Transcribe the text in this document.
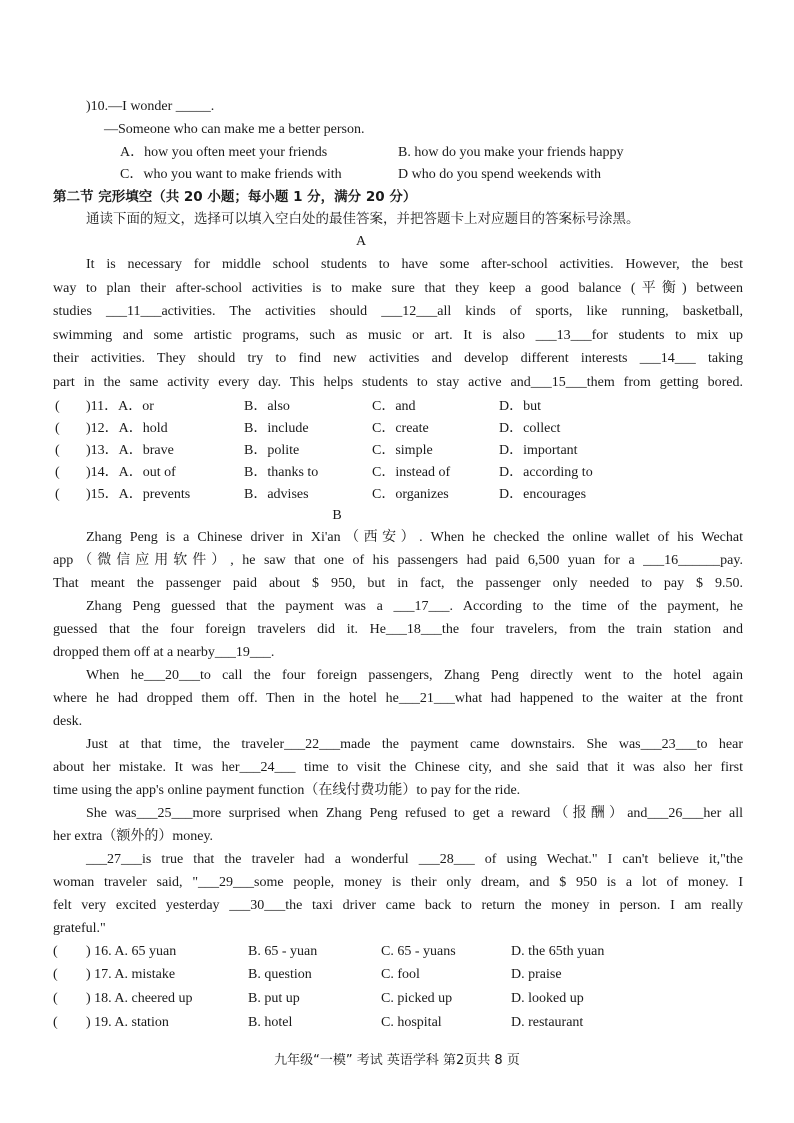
)10.—I wonder _____.
—Someone who can make me a better person.
A．how you often meet your friends	B. how do you make your friends happy
C．who you want to make friends with	D who do you spend weekends with
第二节 完形填空（共 20 小题；每小题 1 分，满分 20 分）
通读下面的短文，选择可以填入空白处的最佳答案，并把答题卡上对应题目的答案标号涂黑。
A
It is necessary for middle school students to have some after-school activities. However, the best
way to plan their after-school activities is to make sure that they keep a good balance (平衡) between
studies ___11___activities. The activities should ___12___all kinds of sports, like running, basketball,
swimming and some artistic programs, such as music or art. It is also ___13___for students to mix up
their activities. They should try to find new activities and develop different interests ___14___ taking
part in the same activity every day. This helps students to stay active and___15___them from getting bored.
( )11．A．or	B．also	C．and	D．but
( )12．A．hold	B．include	C．create	D．collect
( )13．A．brave	B．polite	C．simple	D．important
( )14．A．out of	B．thanks to	C．instead of	D．according to
( )15．A．prevents	B．advises	C．organizes	D．encourages
B
Zhang Peng is a Chinese driver in Xi'an（西安）. When he checked the online wallet of his Wechat
app（微信应用软件）, he saw that one of his passengers had paid 6,500 yuan for a ___16______pay.
That meant the passenger paid about $ 950, but in fact, the passenger only needed to pay $ 9.50.
Zhang Peng guessed that the payment was a ___17___. According to the time of the payment, he
guessed that the four foreign travelers did it. He___18___the four travelers, from the train station and
dropped them off at a nearby___19___.
When he___20___to call the four foreign passengers, Zhang Peng directly went to the hotel again
where he had dropped them off. Then in the hotel he___21___what had happened to the waiter at the front
desk.
Just at that time, the traveler___22___made the payment came downstairs. She was___23___to hear
about her mistake. It was her___24___ time to visit the Chinese city, and she said that it was also her first
time using the app's online payment function（在线付费功能）to pay for the ride.
She was___25___more surprised when Zhang Peng refused to get a reward（报酬）and___26___her all
her extra（额外的）money.
___27___is true that the traveler had a wonderful ___28___ of using Wechat." I can't believe it,"the
woman traveler said, "___29___some people, money is their only dream, and $ 950 is a lot of money. I
felt very excited yesterday ___30___the taxi driver came back to return the money in person. I am really
grateful."
( ) 16. A. 65 yuan	B. 65 - yuan	C. 65 - yuans	D. the 65th yuan
( ) 17. A. mistake	B. question	C. fool	D. praise
( ) 18. A. cheered up	B. put up	C. picked up	D. looked up
( ) 19. A. station	B. hotel	C. hospital	D. restaurant
九年级“一模” 考试 英语学科 第2页共 8 页
